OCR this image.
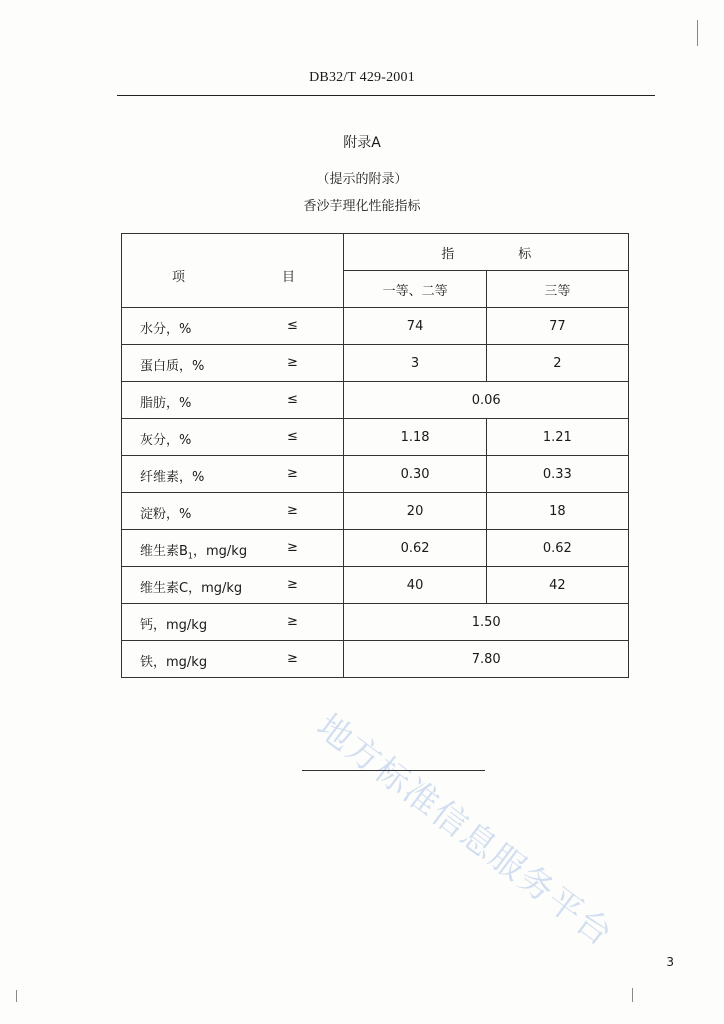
DB32/T 429-2001
附录A
（提示的附录）
香沙芋理化性能指标
项 目	指 标	
	一等、二等	三等

水分，% ≤	74	77

蛋白质，% ≥	3	2

脂肪，% ≤	0.06	

灰分，% ≤	1.18	1.21

纤维素，% ≥	0.30	0.33

淀粉，% ≥	20	18

维生素$B_1$，mg/kg ≥	0.62	0.62

维生素C，mg/kg ≥	40	42

钙，mg/kg ≥	1.50	

铁，mg/kg ≥	7.80	
地方标准信息服务平台
3
